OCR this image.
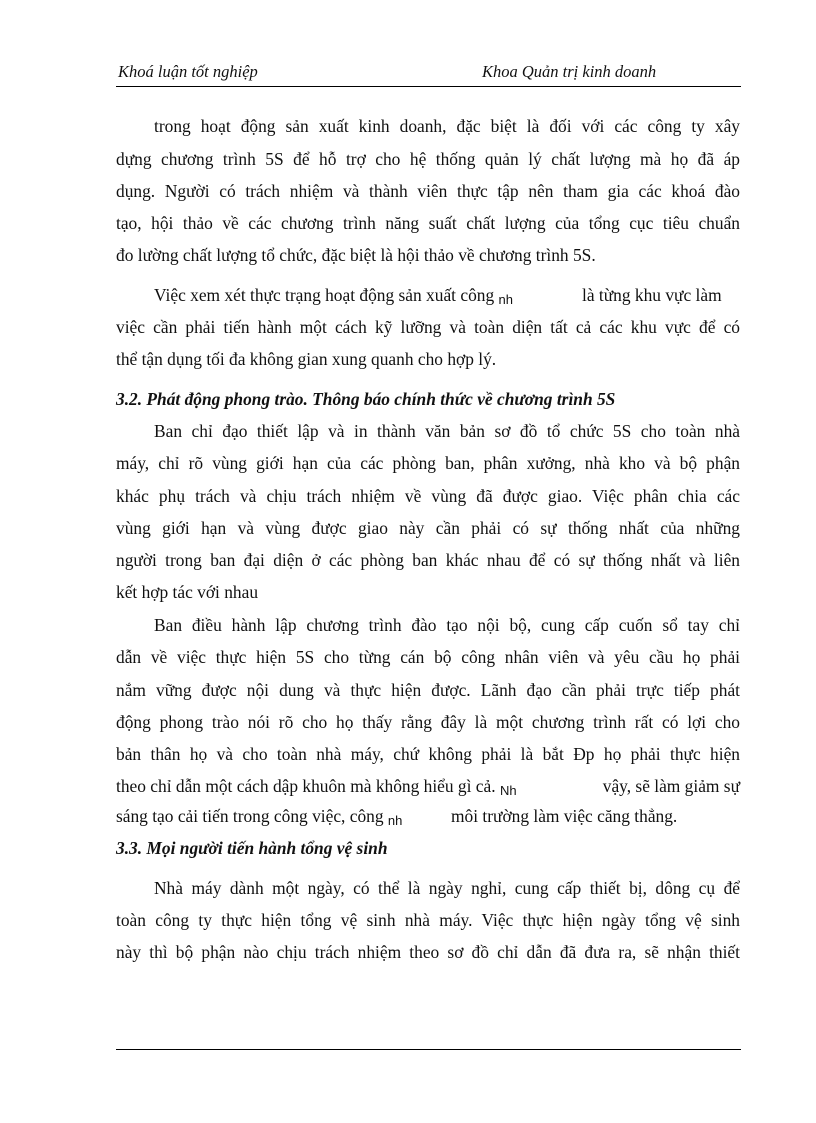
Khoá luận tốt nghiệp	Khoa Quản trị kinh doanh
trong hoạt động sản xuất kinh doanh, đặc biệt là đối với các công ty xây
dựng chương trình 5S để hỗ trợ cho hệ thống quản lý chất lượng mà họ đã áp
dụng. Người có trách nhiệm và thành viên thực tập nên tham gia các khoá đào
tạo, hội thảo về các chương trình năng suất chất lượng của tổng cục tiêu chuẩn
đo lường chất lượng tổ chức, đặc biệt là hội thảo về chương trình 5S.
Việc xem xét thực trạng hoạt động sản xuất công nh	là từng khu vực làm
việc cần phải tiến hành một cách kỹ lưỡng và toàn diện tất cả các khu vực để có
thể tận dụng tối đa không gian xung quanh cho hợp lý.
3.2. Phát động phong trào. Thông báo chính thức về chương trình 5S
Ban chỉ đạo thiết lập và in thành văn bản sơ đồ tổ chức 5S cho toàn nhà
máy, chỉ rõ vùng giới hạn của các phòng ban, phân xưởng, nhà kho và bộ phận
khác phụ trách và chịu trách nhiệm về vùng đã được giao. Việc phân chia các
vùng giới hạn và vùng được giao này cần phải có sự thống nhất của những
người trong ban đại diện ở các phòng ban khác nhau để có sự thống nhất và liên
kết hợp tác với nhau
Ban điều hành lập chương trình đào tạo nội bộ, cung cấp cuốn sổ tay chỉ
dẫn về việc thực hiện 5S cho từng cán bộ công nhân viên và yêu cầu họ phải
nắm vững được nội dung và thực hiện được. Lãnh đạo cần phải trực tiếp phát
động phong trào nói rõ cho họ thấy rằng đây là một chương trình rất có lợi cho
bản thân họ và cho toàn nhà máy, chứ không phải là bắt Ðp họ phải thực hiện
theo chỉ dẫn một cách dập khuôn mà không hiểu gì cả. Nh	vậy, sẽ làm giảm sự
sáng tạo cải tiến trong công việc, công nh	môi trường làm việc căng thẳng.
3.3. Mọi người tiến hành tổng vệ sinh
Nhà máy dành một ngày, có thể là ngày nghỉ, cung cấp thiết bị, dông cụ để
toàn công ty thực hiện tổng vệ sinh nhà máy. Việc thực hiện ngày tổng vệ sinh
này thì bộ phận nào chịu trách nhiệm theo sơ đồ chỉ dẫn đã đưa ra, sẽ nhận thiết
